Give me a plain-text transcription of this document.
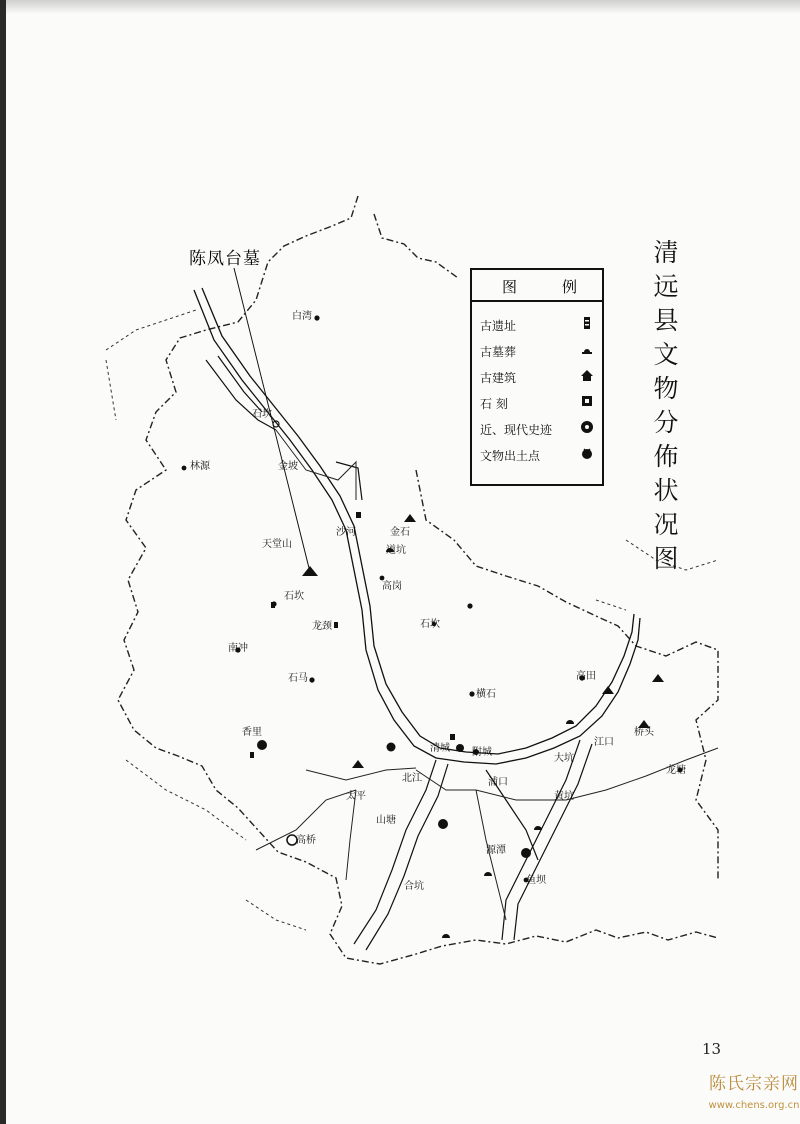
陈凤台墓	清远县文物分佈状况图
图	例
古遗址
古墓葬
古建筑
石 刻
近、现代史迹
文物出土点
白湾
石坎
林源	金坡
沙河
天堂山
石坎
龙颈
南冲
石马
香里
太平
山塘
清城 附城
浦口
高田
横石
江口
黄坑
鱼坝
桥头
石坎
道坑
高桥
金石
合坑
源潭
龙塘
北江
高岗
大坑
13
陈氏宗亲网
www.chens.org.cn
